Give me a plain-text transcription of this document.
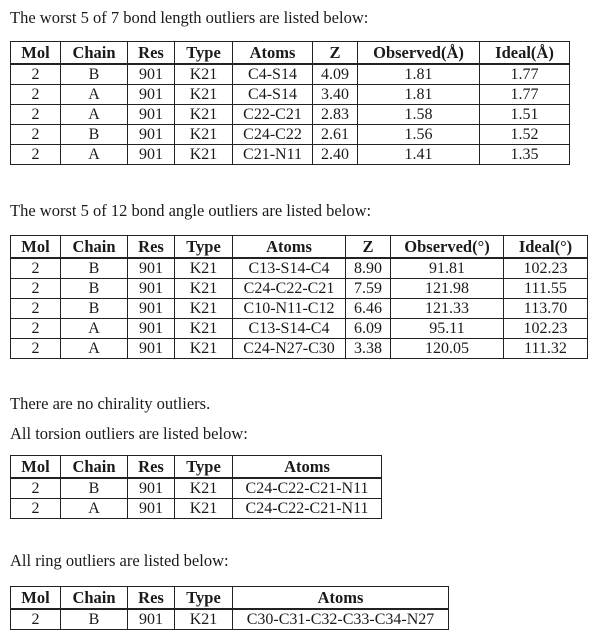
The worst 5 of 7 bond length outliers are listed below:
Mol	Chain	Res	Type	Atoms	Z	Observed(Å)	Ideal(Å)
2	B	901	K21	C4-S14	4.09	1.81	1.77
2	A	901	K21	C4-S14	3.40	1.81	1.77
2	A	901	K21	C22-C21	2.83	1.58	1.51
2	B	901	K21	C24-C22	2.61	1.56	1.52
2	A	901	K21	C21-N11	2.40	1.41	1.35
The worst 5 of 12 bond angle outliers are listed below:
Mol	Chain	Res	Type	Atoms	Z	Observed(°)	Ideal(°)
2	B	901	K21	C13-S14-C4	8.90	91.81	102.23
2	B	901	K21	C24-C22-C21	7.59	121.98	111.55
2	B	901	K21	C10-N11-C12	6.46	121.33	113.70
2	A	901	K21	C13-S14-C4	6.09	95.11	102.23
2	A	901	K21	C24-N27-C30	3.38	120.05	111.32
There are no chirality outliers.
All torsion outliers are listed below:
Mol	Chain	Res	Type	Atoms
2	B	901	K21	C24-C22-C21-N11
2	A	901	K21	C24-C22-C21-N11
All ring outliers are listed below:
Mol	Chain	Res	Type	Atoms
2	B	901	K21	C30-C31-C32-C33-C34-N27
